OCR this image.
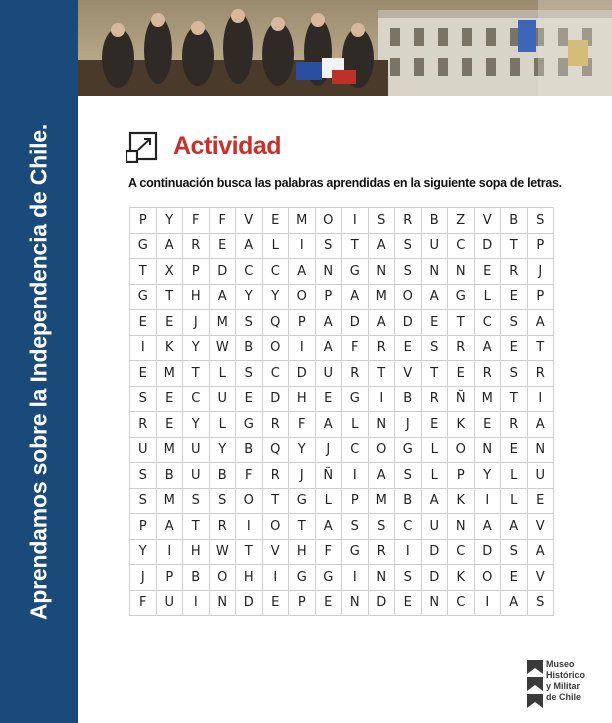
Aprendamos sobre la Independencia de Chile.	Actividad
A continuación busca las palabras aprendidas en la siguiente sopa de letras.
P	Y	F	F	V	E	M	O	I	S	R	B	Z	V	B	S
G	A	R	E	A	L	I	S	T	A	S	U	C	D	T	P
T	X	P	D	C	C	A	N	G	N	S	N	N	E	R	J
G	T	H	A	Y	Y	O	P	A	M	O	A	G	L	E	P
E	E	J	M	S	Q	P	A	D	A	D	E	T	C	S	A
I	K	Y	W	B	O	I	A	F	R	E	S	R	A	E	T
E	M	T	L	S	C	D	U	R	T	V	T	E	R	S	R
S	E	C	U	E	D	H	E	G	I	B	R	Ñ	M	T	I
R	E	Y	L	G	R	F	A	L	N	J	E	K	E	R	A
U	M	U	Y	B	Q	Y	J	C	O	G	L	O	N	E	N
S	B	U	B	F	R	J	Ñ	I	A	S	L	P	Y	L	U
S	M	S	S	O	T	G	L	P	M	B	A	K	I	L	E
P	A	T	R	I	O	T	A	S	S	C	U	N	A	A	V
Y	I	H	W	T	V	H	F	G	R	I	D	C	D	S	A
J	P	B	O	H	I	G	G	I	N	S	D	K	O	E	V
F	U	I	N	D	E	P	E	N	D	E	N	C	I	A	S
Museo
Histórico
y Militar
de Chile
